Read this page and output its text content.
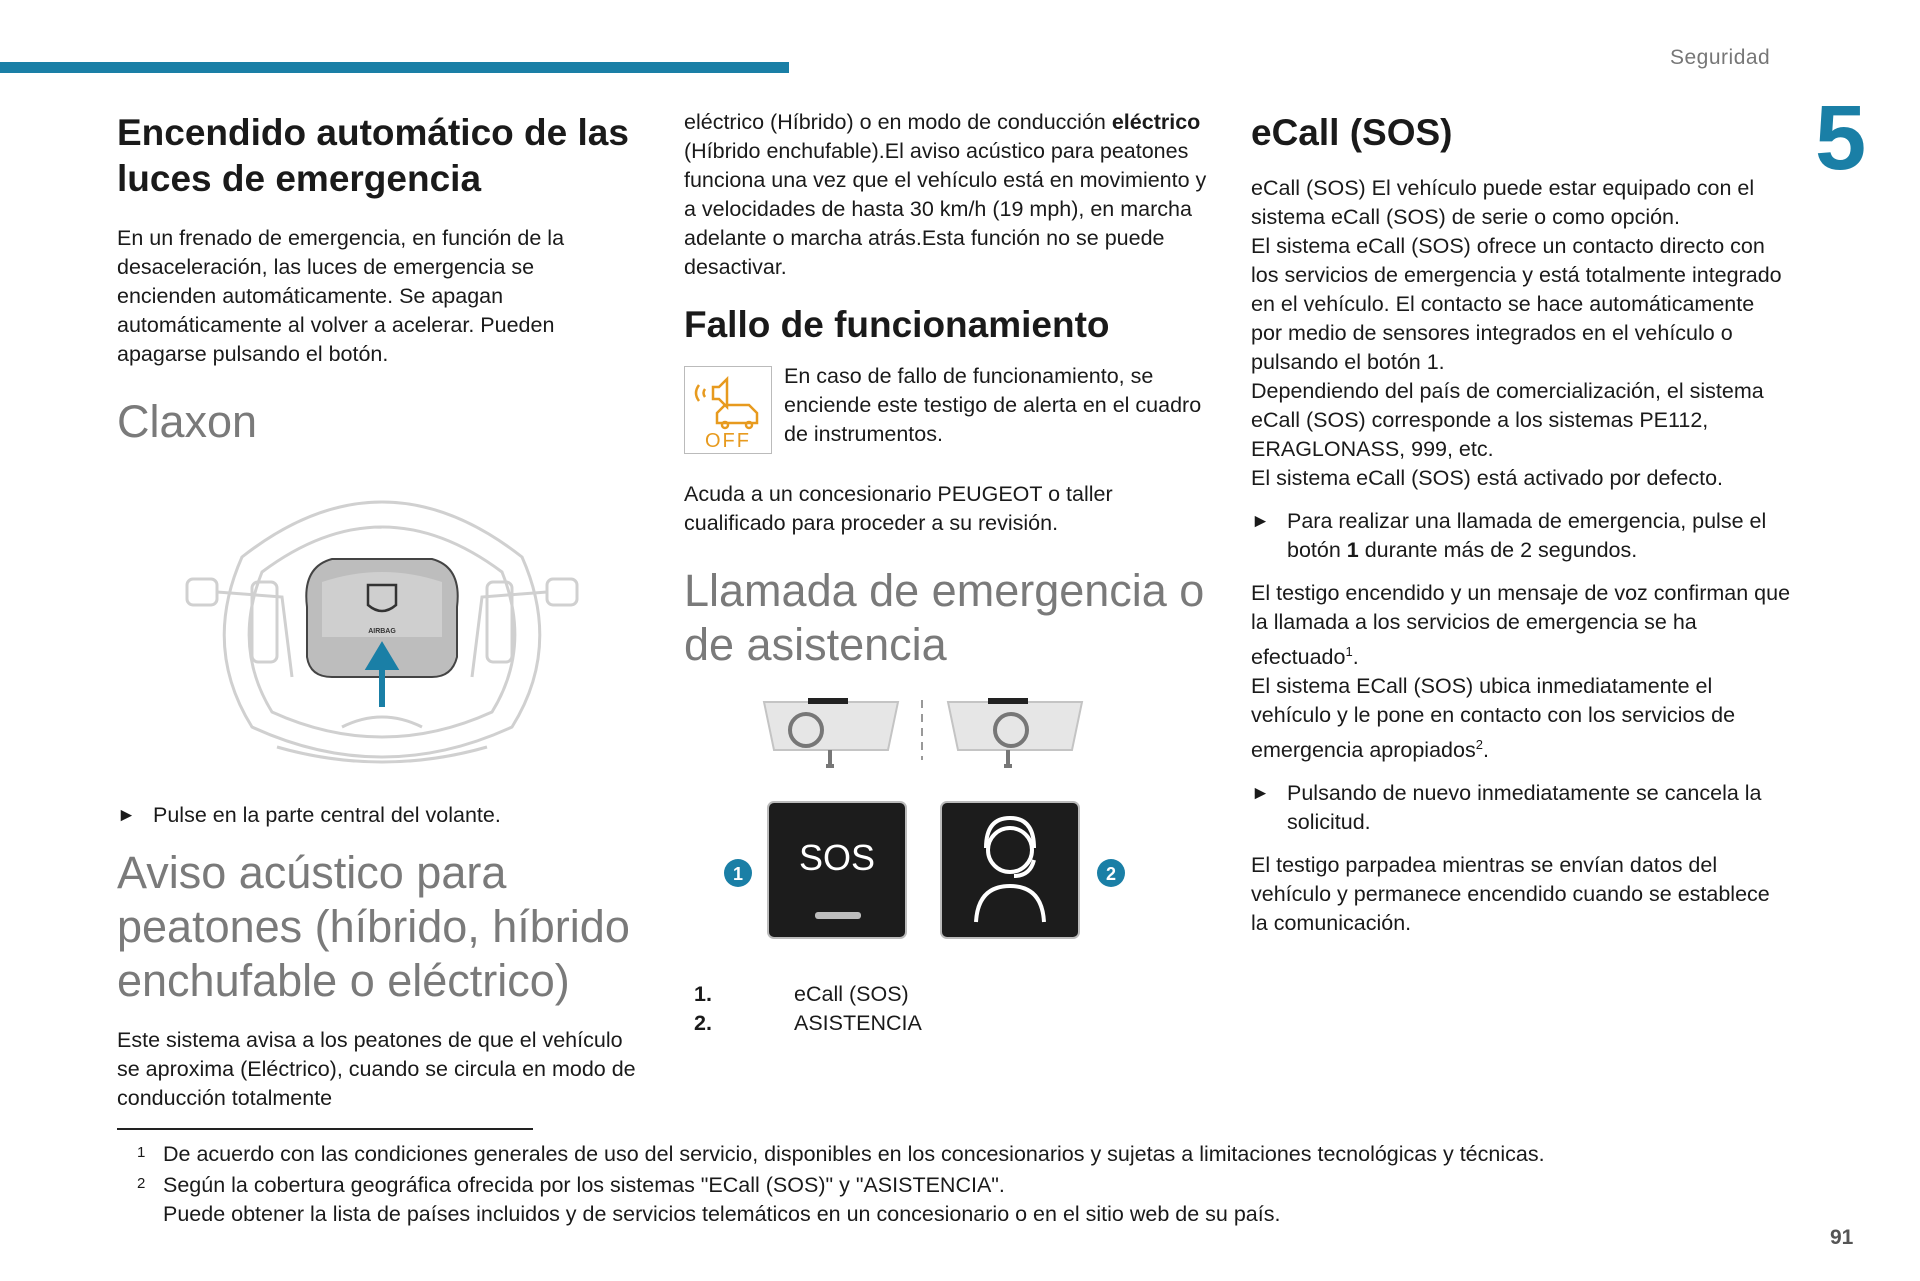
Seguridad
5
Encendido automático de las luces de emergencia

En un frenado de emergencia, en función de la desaceleración, las luces de emergencia se encienden automáticamente. Se apagan automáticamente al volver a acelerar. Pueden apagarse pulsando el botón.

Claxon
AIRBAG
► Pulse en la parte central del volante.
Aviso acústico para peatones (híbrido, híbrido enchufable o eléctrico)

Este sistema avisa a los peatones de que el vehículo se aproxima (Eléctrico), cuando se circula en modo de conducción totalmente

eléctrico (Híbrido) o en modo de conducción eléctrico (Híbrido enchufable).El aviso acústico para peatones funciona una vez que el vehículo está en movimiento y a velocidades de hasta 30 km/h (19 mph), en marcha adelante o marcha atrás.Esta función no se puede desactivar.

Fallo de funcionamiento
OFF

En caso de fallo de funcionamiento, se enciende este testigo de alerta en el cuadro de instrumentos.

Acuda a un concesionario PEUGEOT o taller cualificado para proceder a su revisión.

Llamada de emergencia o de asistencia
SOS
1	2
1.	eCall (SOS)
2.	ASISTENCIA
eCall (SOS)

eCall (SOS) El vehículo puede estar equipado con el sistema eCall (SOS) de serie o como opción.
El sistema eCall (SOS) ofrece un contacto directo con los servicios de emergencia y está totalmente integrado en el vehículo. El contacto se hace automáticamente por medio de sensores integrados en el vehículo o pulsando el botón 1.
Dependiendo del país de comercialización, el sistema eCall (SOS) corresponde a los sistemas PE112, ERAGLONASS, 999, etc.
El sistema eCall (SOS) está activado por defecto.

► Para realizar una llamada de emergencia, pulse el botón 1 durante más de 2 segundos.

El testigo encendido y un mensaje de voz confirman que la llamada a los servicios de emergencia se ha efectuado$^1$.

El sistema ECall (SOS) ubica inmediatamente el vehículo y le pone en contacto con los servicios de emergencia apropiados$^2$.

► Pulsando de nuevo inmediatamente se cancela la solicitud.

El testigo parpadea mientras se envían datos del vehículo y permanece encendido cuando se establece la comunicación.

1 De acuerdo con las condiciones generales de uso del servicio, disponibles en los concesionarios y sujetas a limitaciones tecnológicas y técnicas.
2 Según la cobertura geográfica ofrecida por los sistemas "ECall (SOS)" y "ASISTENCIA".
Puede obtener la lista de países incluidos y de servicios telemáticos en un concesionario o en el sitio web de su país.
91
